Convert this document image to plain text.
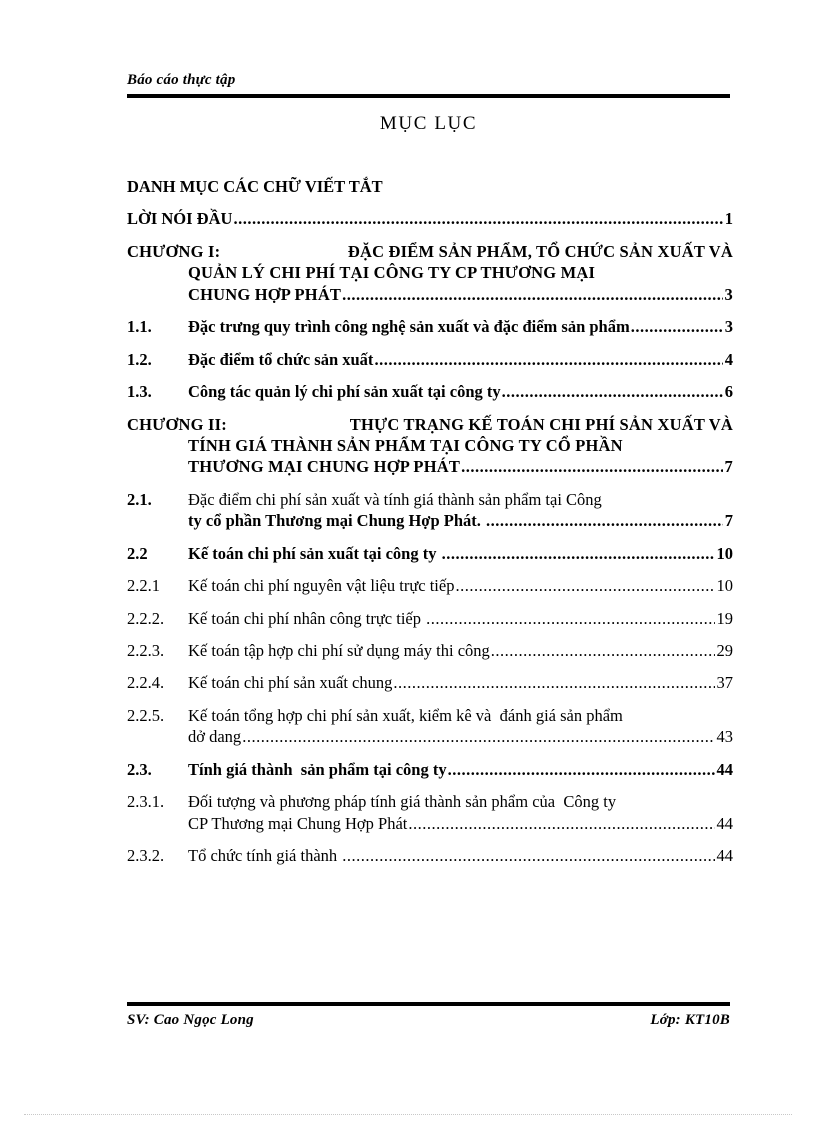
Báo cáo thực tập
MỤC LỤC
DANH MỤC CÁC CHỮ VIẾT TẮT
LỜI NÓI ĐẦU .....	1
CHƯƠNG I:	ĐẶC ĐIỂM SẢN PHẨM, TỔ CHỨC SẢN XUẤT VÀ
QUẢN LÝ CHI PHÍ TẠI CÔNG TY CP THƯƠNG MẠI
CHUNG HỢP PHÁT .....	3
1.1.	Đặc trưng quy trình công nghệ sản xuất và đặc điểm sản phẩm .....	3
1.2.	Đặc điểm tổ chức sản xuất .....	4
1.3.	Công tác quản lý chi phí sản xuất tại công ty .....	6
CHƯƠNG II:	THỰC TRẠNG KẾ TOÁN CHI PHÍ SẢN XUẤT VÀ
TÍNH GIÁ THÀNH SẢN PHẨM TẠI CÔNG TY CỔ PHẦN
THƯƠNG MẠI CHUNG HỢP PHÁT .....	7
2.1.	Đặc điểm chi phí sản xuất và tính giá thành sản phẩm tại Công
ty cổ phần Thương mại Chung Hợp Phát. .....	7
2.2	Kế toán chi phí sản xuất tại công ty .....	10
2.2.1	Kế toán chi phí nguyên vật liệu trực tiếp .....	10
2.2.2.	Kế toán chi phí nhân công trực tiếp .....	19
2.2.3.	Kế toán tập hợp chi phí sử dụng máy thi công .....	29
2.2.4.	Kế toán chi phí sản xuất chung .....	37
2.2.5.	Kế toán tổng hợp chi phí sản xuất, kiểm kê và  đánh giá sản phẩm
dở dang .....	43
2.3.	Tính giá thành  sản phẩm tại công ty .....	44
2.3.1.	Đối tượng và phương pháp tính giá thành sản phẩm của  Công ty
CP Thương mại Chung Hợp Phát .....	44
2.3.2.	Tổ chức tính giá thành .....	44
SV: Cao Ngọc Long	Lớp: KT10B
